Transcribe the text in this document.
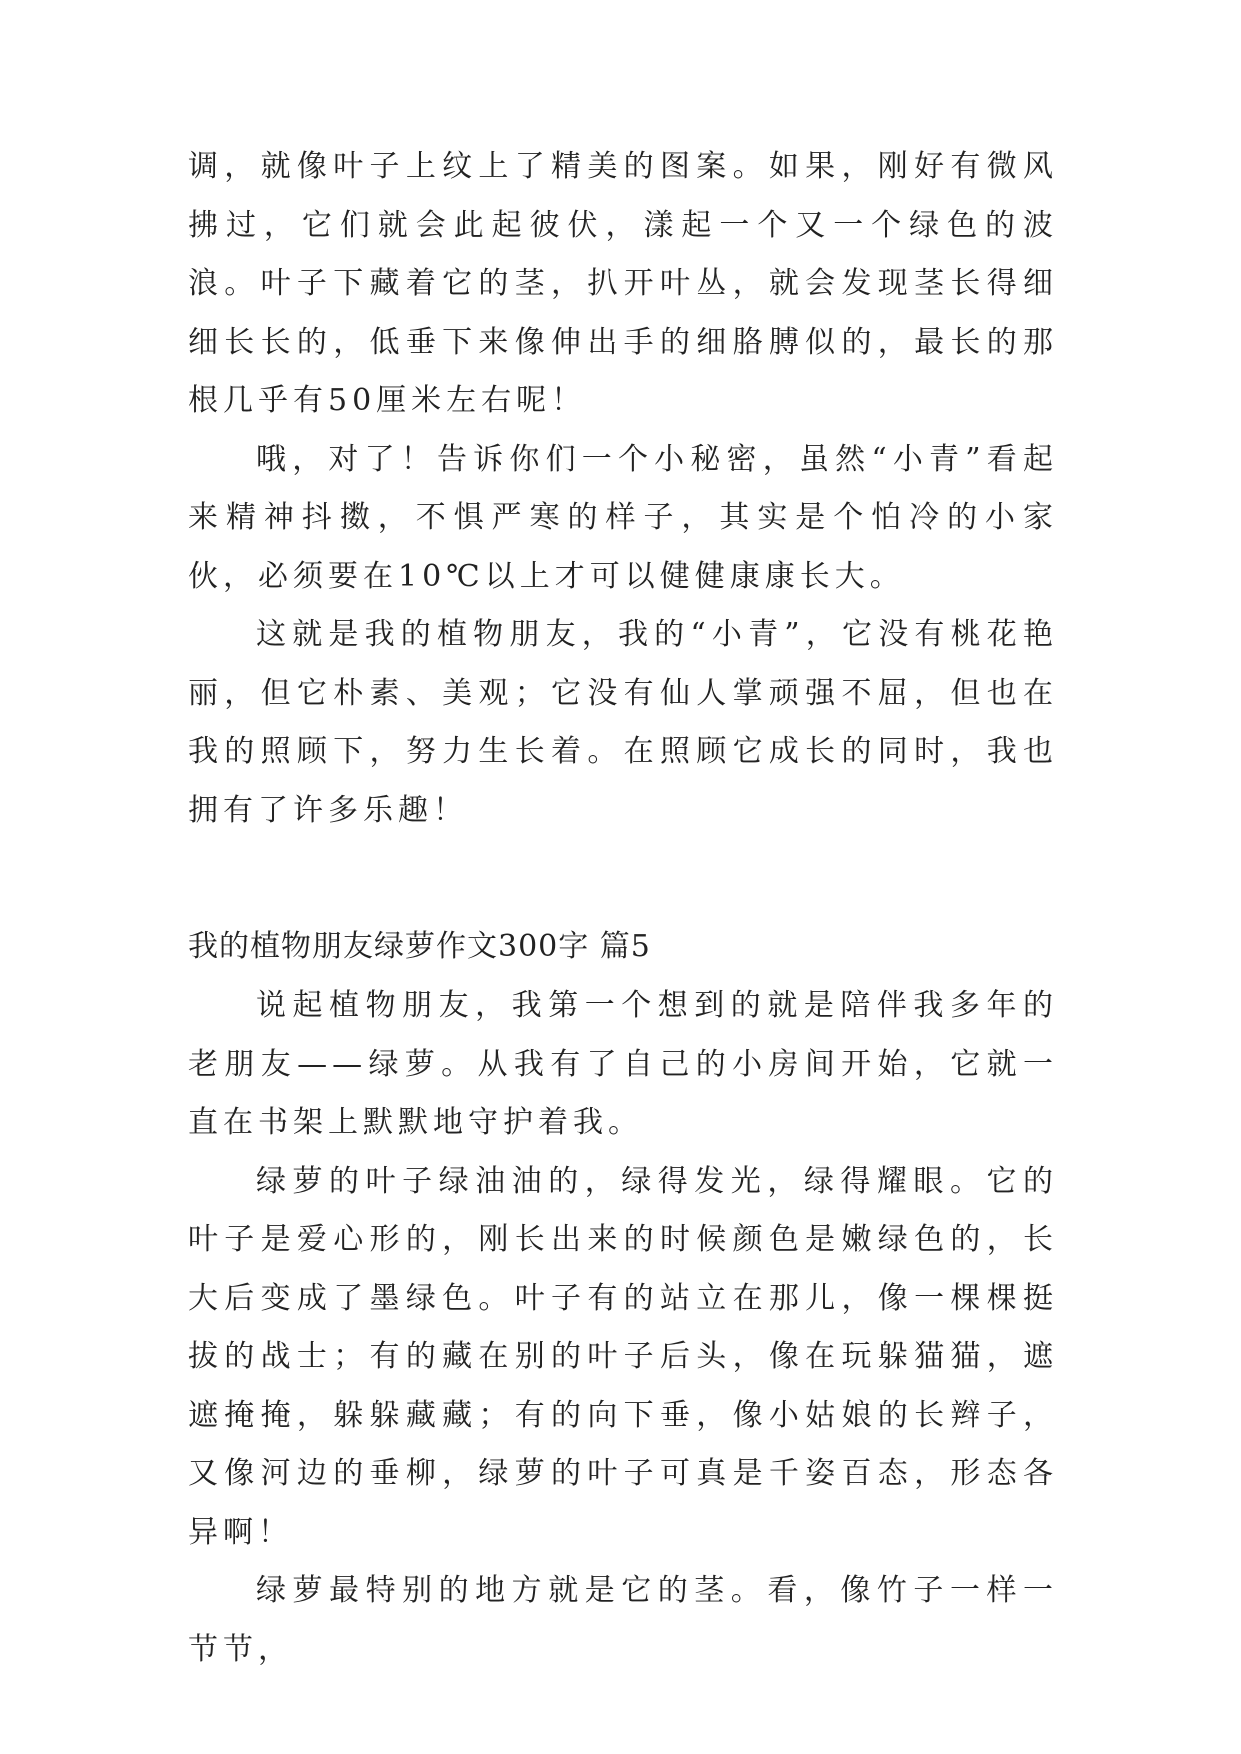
调，就像叶子上纹上了精美的图案。如果，刚好有微风拂过，它们就会此起彼伏，漾起一个又一个绿色的波浪。叶子下藏着它的茎，扒开叶丛，就会发现茎长得细细长长的，低垂下来像伸出手的细胳膊似的，最长的那根几乎有50厘米左右呢！

哦，对了！告诉你们一个小秘密，虽然“小青”看起来精神抖擞，不惧严寒的样子，其实是个怕冷的小家伙，必须要在10℃以上才可以健健康康长大。

这就是我的植物朋友，我的“小青”，它没有桃花艳丽，但它朴素、美观；它没有仙人掌顽强不屈，但也在我的照顾下，努力生长着。在照顾它成长的同时，我也拥有了许多乐趣！

我的植物朋友绿萝作文300字 篇5

说起植物朋友，我第一个想到的就是陪伴我多年的老朋友——绿萝。从我有了自己的小房间开始，它就一直在书架上默默地守护着我。

绿萝的叶子绿油油的，绿得发光，绿得耀眼。它的叶子是爱心形的，刚长出来的时候颜色是嫩绿色的，长大后变成了墨绿色。叶子有的站立在那儿，像一棵棵挺拔的战士；有的藏在别的叶子后头，像在玩躲猫猫，遮遮掩掩，躲躲藏藏；有的向下垂，像小姑娘的长辫子，又像河边的垂柳，绿萝的叶子可真是千姿百态，形态各异啊！

绿萝最特别的地方就是它的茎。看，像竹子一样一节节，
